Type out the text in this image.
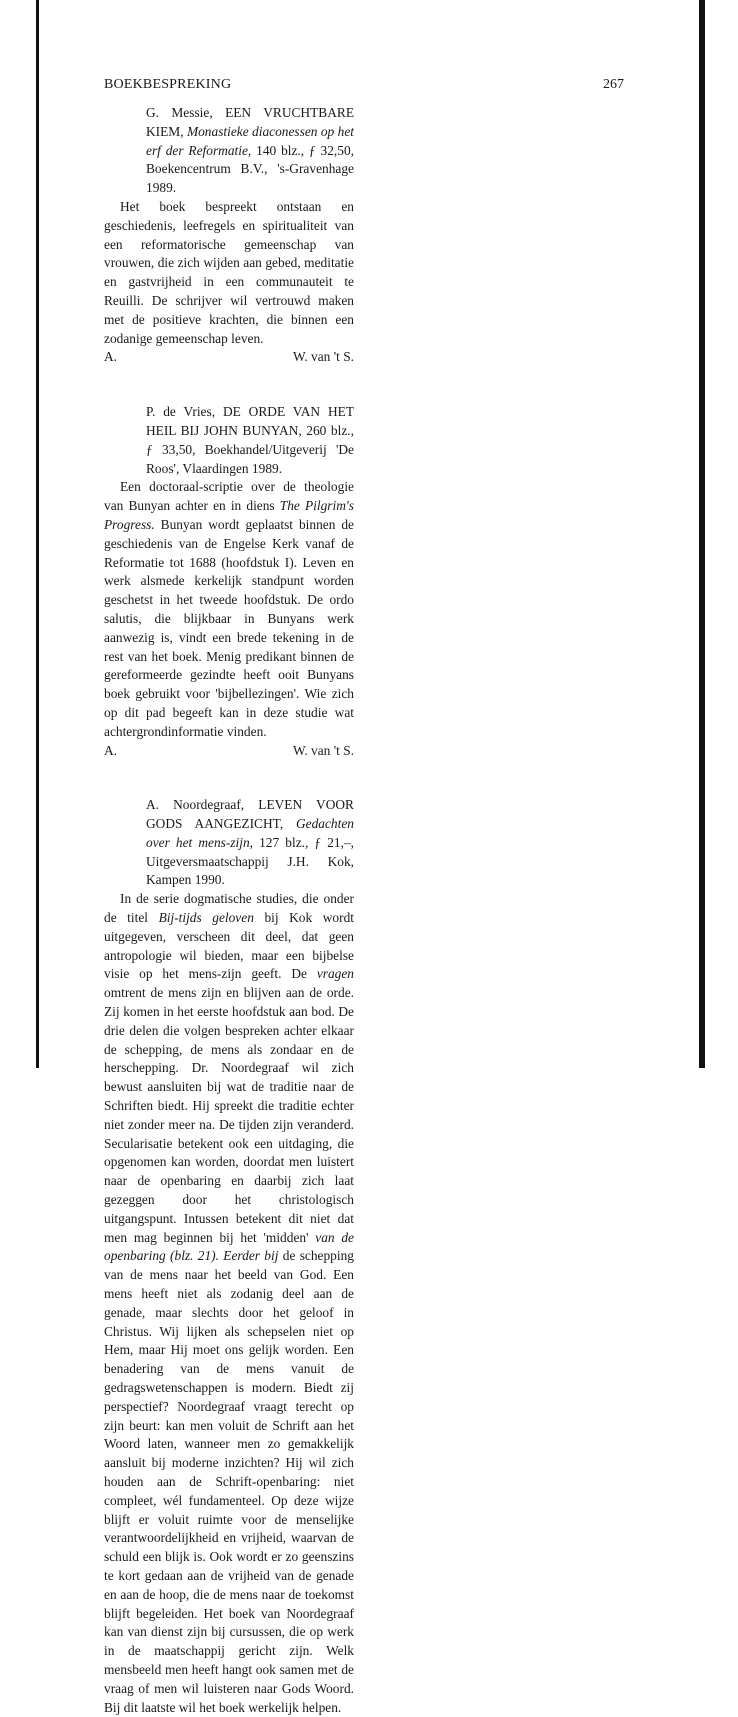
BOEKBESPREKING	267
G. Messie, EEN VRUCHTBARE KIEM, Monastieke diaconessen op het erf der Reformatie, 140 blz., ƒ 32,50, Boekencentrum B.V., 's-Gravenhage 1989.

Het boek bespreekt ontstaan en geschiedenis, leefregels en spiritualiteit van een reformatorische gemeenschap van vrouwen, die zich wijden aan gebed, meditatie en gastvrijheid in een communauteit te Reuilli. De schrijver wil vertrouwd maken met de positieve krachten, die binnen een zodanige gemeenschap leven.

A.	W. van 't S.
P. de Vries, DE ORDE VAN HET HEIL BIJ JOHN BUNYAN, 260 blz., ƒ 33,50, Boekhandel/Uitgeverij 'De Roos', Vlaardingen 1989.

Een doctoraal-scriptie over de theologie van Bunyan achter en in diens The Pilgrim's Progress. Bunyan wordt geplaatst binnen de geschiedenis van de Engelse Kerk vanaf de Reformatie tot 1688 (hoofdstuk I). Leven en werk alsmede kerkelijk standpunt worden geschetst in het tweede hoofdstuk. De ordo salutis, die blijkbaar in Bunyans werk aanwezig is, vindt een brede tekening in de rest van het boek. Menig predikant binnen de gereformeerde gezindte heeft ooit Bunyans boek gebruikt voor 'bijbellezingen'. Wie zich op dit pad begeeft kan in deze studie wat achtergrondinformatie vinden.

A.	W. van 't S.
A. Noordegraaf, LEVEN VOOR GODS AANGEZICHT, Gedachten over het mens-zijn, 127 blz., ƒ 21,–, Uitgeversmaatschappij J.H. Kok, Kampen 1990.

In de serie dogmatische studies, die onder de titel Bij-tijds geloven bij Kok wordt uitgegeven, verscheen dit deel, dat geen antropologie wil bieden, maar een bijbelse visie op het mens-zijn geeft. De vragen omtrent de mens zijn en blijven aan de orde. Zij komen in het eerste hoofdstuk aan bod. De drie delen die volgen bespreken achter elkaar de schepping, de mens als zondaar en de herschepping. Dr. Noordegraaf wil zich bewust aansluiten bij wat de traditie naar de Schriften biedt. Hij spreekt die traditie echter niet zonder meer na. De tijden zijn veranderd. Secularisatie betekent ook een uitdaging, die opgenomen kan worden, doordat men luistert naar de openbaring en daarbij zich laat gezeggen door het christologisch uitgangspunt. Intussen betekent dit niet dat men mag beginnen bij het 'midden' van de openbaring (blz. 21). Eerder bij de schepping van de mens naar het beeld van God. Een mens heeft niet als zodanig deel aan de genade, maar slechts door het geloof in Christus. Wij lijken als schepselen niet op Hem, maar Hij moet ons gelijk worden. Een benadering van de mens vanuit de gedragswetenschappen is modern. Biedt zij perspectief? Noordegraaf vraagt terecht op zijn beurt: kan men voluit de Schrift aan het Woord laten, wanneer men zo gemakkelijk aansluit bij moderne inzichten? Hij wil zich houden aan de Schrift-openbaring: niet compleet, wél fundamenteel. Op deze wijze blijft er voluit ruimte voor de menselijke verantwoordelijkheid en vrijheid, waarvan de schuld een blijk is. Ook wordt er zo geenszins te kort gedaan aan de vrijheid van de genade en aan de hoop, die de mens naar de toekomst blijft begeleiden. Het boek van Noordegraaf kan van dienst zijn bij cursussen, die op werk in de maatschappij gericht zijn. Welk mensbeeld men heeft hangt ook samen met de vraag of men wil luisteren naar Gods Woord. Bij dit laatste wil het boek werkelijk helpen.
